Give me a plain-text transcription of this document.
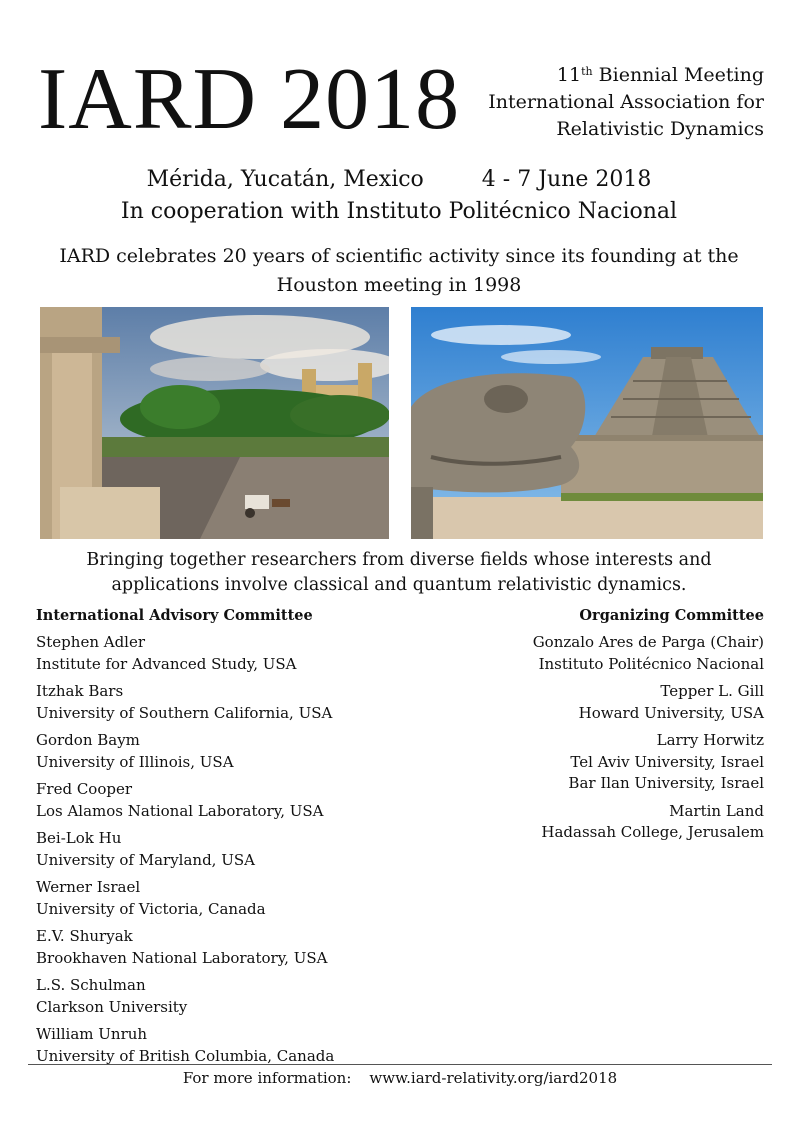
IARD 2018	11th Biennial Meeting
International Association for
Relativistic Dynamics
Mérida, Yucatán, Mexico	4 - 7 June 2018
In cooperation with Instituto Politécnico Nacional
IARD celebrates 20 years of scientific activity since its founding at the Houston meeting in 1998
Bringing together researchers from diverse fields whose interests and applications involve classical and quantum relativistic dynamics.
International Advisory Committee
Stephen Adler
Institute for Advanced Study, USA
Itzhak Bars
University of Southern California, USA
Gordon Baym
University of Illinois, USA
Fred Cooper
Los Alamos National Laboratory, USA
Bei-Lok Hu
University of Maryland, USA
Werner Israel
University of Victoria, Canada
E.V. Shuryak
Brookhaven National Laboratory, USA
L.S. Schulman
Clarkson University
William Unruh
University of British Columbia, Canada
Organizing Committee
Gonzalo Ares de Parga (Chair)
Instituto Politécnico Nacional
Tepper L. Gill
Howard University, USA
Larry Horwitz
Tel Aviv University, Israel
Bar Ilan University, Israel
Martin Land
Hadassah College, Jerusalem
For more information: www.iard-relativity.org/iard2018
